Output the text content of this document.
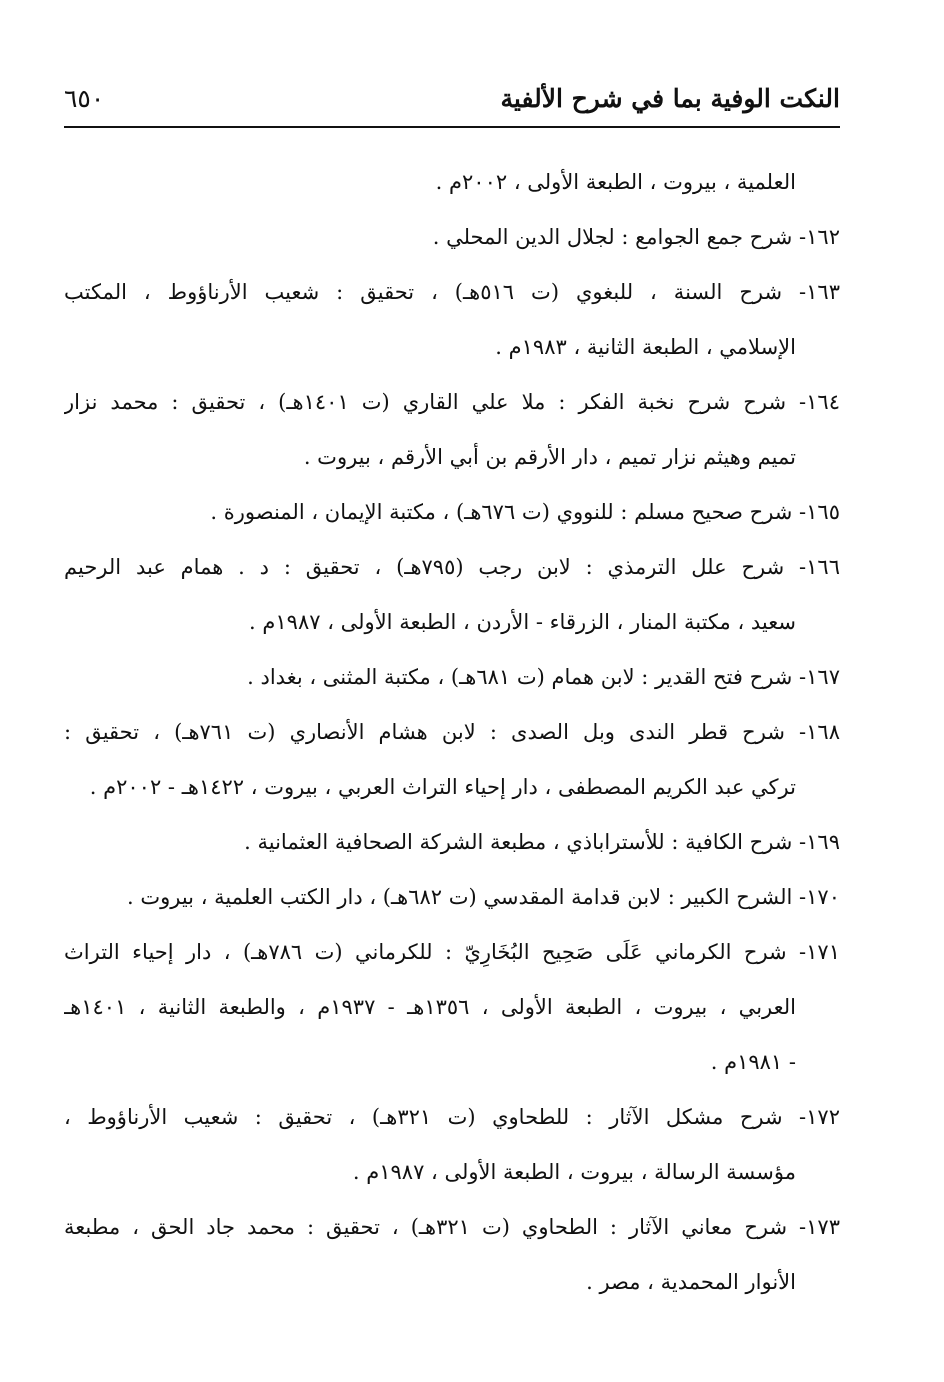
النكت الوفية بما في شرح الألفية
٦٥٠

العلمية ، بيروت ، الطبعة الأولى ، ٢٠٠٢م .

١٦٢- شرح جمع الجوامع : لجلال الدين المحلي .

١٦٣- شرح السنة ، للبغوي (ت ٥١٦هـ) ، تحقيق : شعيب الأرناؤوط ، المكتب
الإسلامي ، الطبعة الثانية ، ١٩٨٣م .

١٦٤- شرح شرح نخبة الفكر : ملا علي القاري (ت ١٤٠١هـ) ، تحقيق : محمد نزار
تميم وهيثم نزار تميم ، دار الأرقم بن أبي الأرقم ، بيروت .

١٦٥- شرح صحيح مسلم : للنووي (ت ٦٧٦هـ) ، مكتبة الإيمان ، المنصورة .

١٦٦- شرح علل الترمذي : لابن رجب (٧٩٥هـ) ، تحقيق : د . همام عبد الرحيم
سعيد ، مكتبة المنار ، الزرقاء - الأردن ، الطبعة الأولى ، ١٩٨٧م .

١٦٧- شرح فتح القدير : لابن همام (ت ٦٨١هـ) ، مكتبة المثنى ، بغداد .

١٦٨- شرح قطر الندى وبل الصدى : لابن هشام الأنصاري (ت ٧٦١هـ) ، تحقيق :
تركي عبد الكريم المصطفى ، دار إحياء التراث العربي ، بيروت ، ١٤٢٢هـ - ٢٠٠٢م .

١٦٩- شرح الكافية : للأستراباذي ، مطبعة الشركة الصحافية العثمانية .

١٧٠- الشرح الكبير : لابن قدامة المقدسي (ت ٦٨٢هـ) ، دار الكتب العلمية ، بيروت .

١٧١- شرح الكرماني عَلَى صَحِيح البُخَارِيّ : للكرماني (ت ٧٨٦هـ) ، دار إحياء التراث
العربي ، بيروت ، الطبعة الأولى ، ١٣٥٦هـ - ١٩٣٧م ، والطبعة الثانية ، ١٤٠١هـ
- ١٩٨١م .

١٧٢- شرح مشكل الآثار : للطحاوي (ت ٣٢١هـ) ، تحقيق : شعيب الأرناؤوط ،
مؤسسة الرسالة ، بيروت ، الطبعة الأولى ، ١٩٨٧م .

١٧٣- شرح معاني الآثار : الطحاوي (ت ٣٢١هـ) ، تحقيق : محمد جاد الحق ، مطبعة
الأنوار المحمدية ، مصر .
